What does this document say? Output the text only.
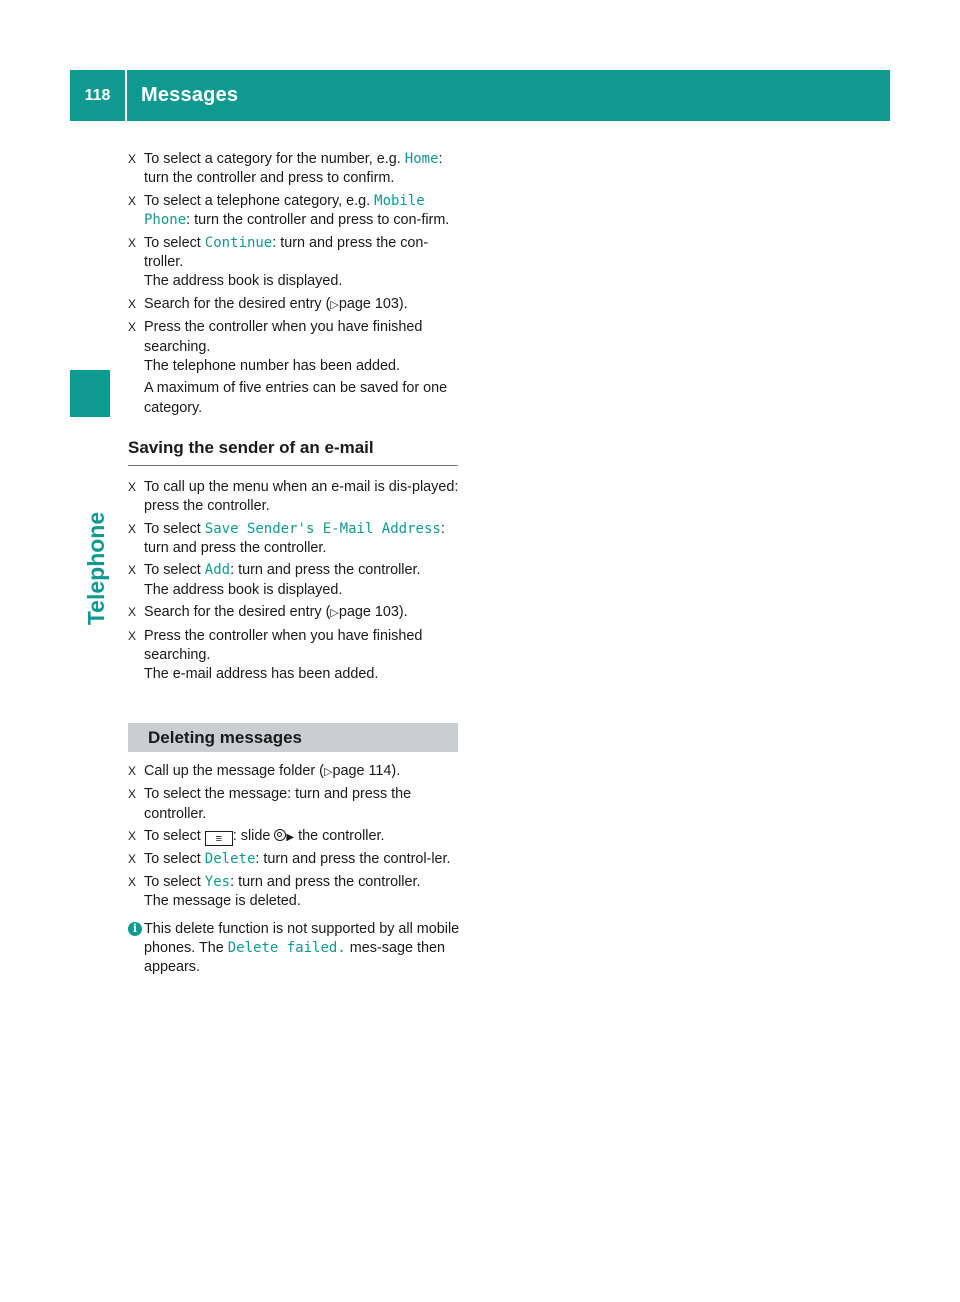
118	Messages
Telephone
X To select a category for the number, e.g. Home: turn the controller and press to confirm.
X To select a telephone category, e.g. Mobile Phone: turn the controller and press to con-firm.
X To select Continue: turn and press the con-troller.
The address book is displayed.
X Search for the desired entry (▷page 103).
X Press the controller when you have finished searching.
The telephone number has been added.
A maximum of five entries can be saved for one category.
Saving the sender of an e-mail
X To call up the menu when an e-mail is dis-played: press the controller.
X To select Save Sender's E-Mail Address: turn and press the controller.
X To select Add: turn and press the controller.
The address book is displayed.
X Search for the desired entry (▷page 103).
X Press the controller when you have finished searching.
The e-mail address has been added.
Deleting messages
X Call up the message folder (▷page 114).
X To select the message: turn and press the controller.
X To select ≡ : slide ▶ the controller.
X To select Delete: turn and press the control-ler.
X To select Yes: turn and press the controller.
The message is deleted.
i This delete function is not supported by all mobile phones. The Delete failed. mes-sage then appears.
